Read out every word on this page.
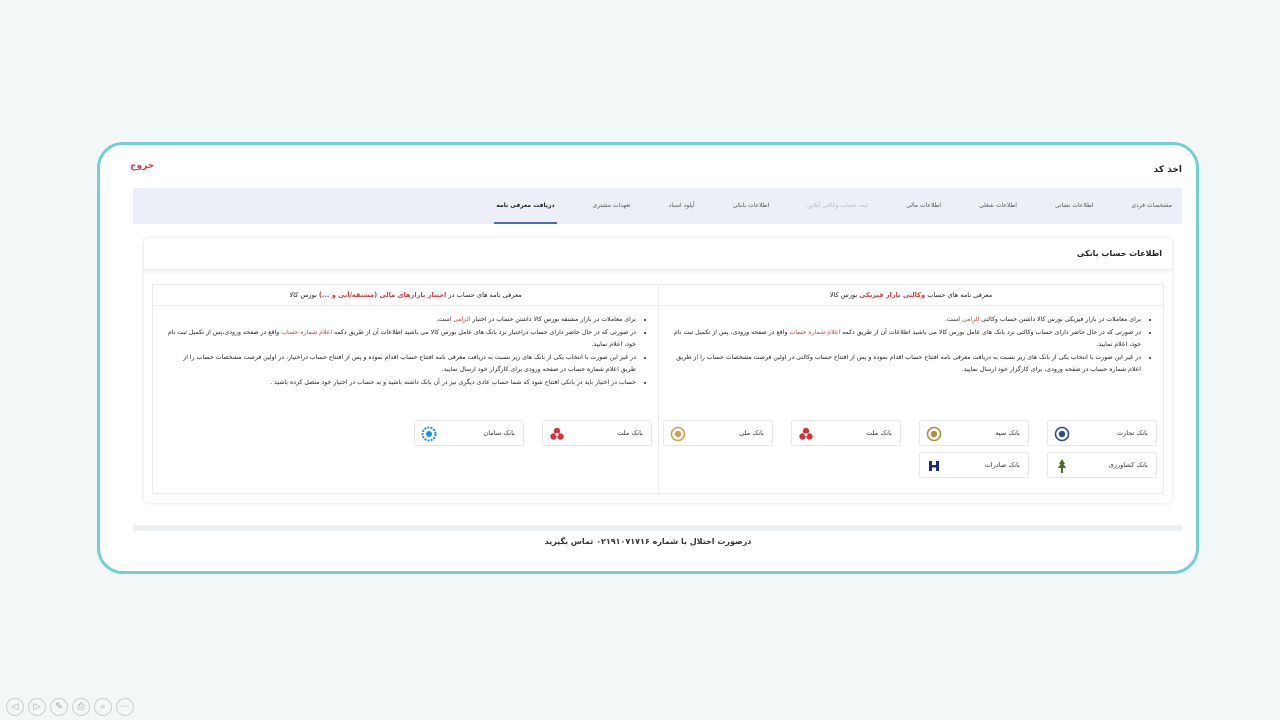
اخذ کد
خروج
مشخصات فردی
اطلاعات نشانی
اطلاعات شغلی
اطلاعات مالی
ثبت حساب وکالتی آنلاین
اطلاعات بانکی
آپلود اسناد
تعهدات مشتری
دریافت معرفی نامه
اطلاعات حساب بانکی
معرفی نامه های حساب وکالتی بازار فیزیکی بورس کالا
• برای معاملات در بازار فیزیکی بورس کالا داشتن حساب وکالتی الزامی است.
• در صورتی که در حال حاضر دارای حساب وکالتی نزد بانک های عامل بورس کالا می باشید اطلاعات آن از طریق دکمه اعلام شماره حساب واقع در صفحه ورودی، پس از تکمیل ثبت نام خود، اعلام نمایید.
• در غیر این صورت با انتخاب یکی از بانک های زیر نسبت به دریافت معرفی نامه افتتاح حساب اقدام نموده و پس از افتتاح حساب وکالتی در اولین فرصت مشخصات حساب را از طریق اعلام شماره حساب در صفحه ورودی، برای کارگزار خود ارسال نمایید.
بانک تجارت
بانک سپه
بانک ملت
بانک ملی
بانک کشاورزی
بانک صادرات
معرفی نامه های حساب در اختیار بازارهای مالی (مشتقه/آتی و ...) بورس کالا
• برای معاملات در بازار مشتقه بورس کالا داشتن حساب در اختیار الزامی است.
• در صورتی که در حال حاضر دارای حساب دراختیار نزد بانک های عامل بورس کالا می باشید اطلاعات آن از طریق دکمه اعلام شماره حساب واقع در صفحه ورودی،پس از تکمیل ثبت نام خود، اعلام نمایید.
• در غیر این صورت با انتخاب یکی از بانک های زیر نسبت به دریافت معرفی نامه افتتاح حساب اقدام نموده و پس از افتتاح حساب دراختیار، در اولین فرصت مشخصات حساب را از طریق اعلام شماره حساب در صفحه ورودی برای کارگزار خود ارسال نمایید.
• حساب در اختیار باید در بانکی افتتاح شود که شما حساب عادی دیگری نیز در آن بانک داشته باشید و به حساب در اختیار خود متصل کرده باشید .
بانک ملت
بانک سامان
درصورت اختلال با شماره ۰۲۱۹۱۰۷۱۷۱۶ تماس بگیرید
◁	▷	✎	⎙	⌕	⋯
